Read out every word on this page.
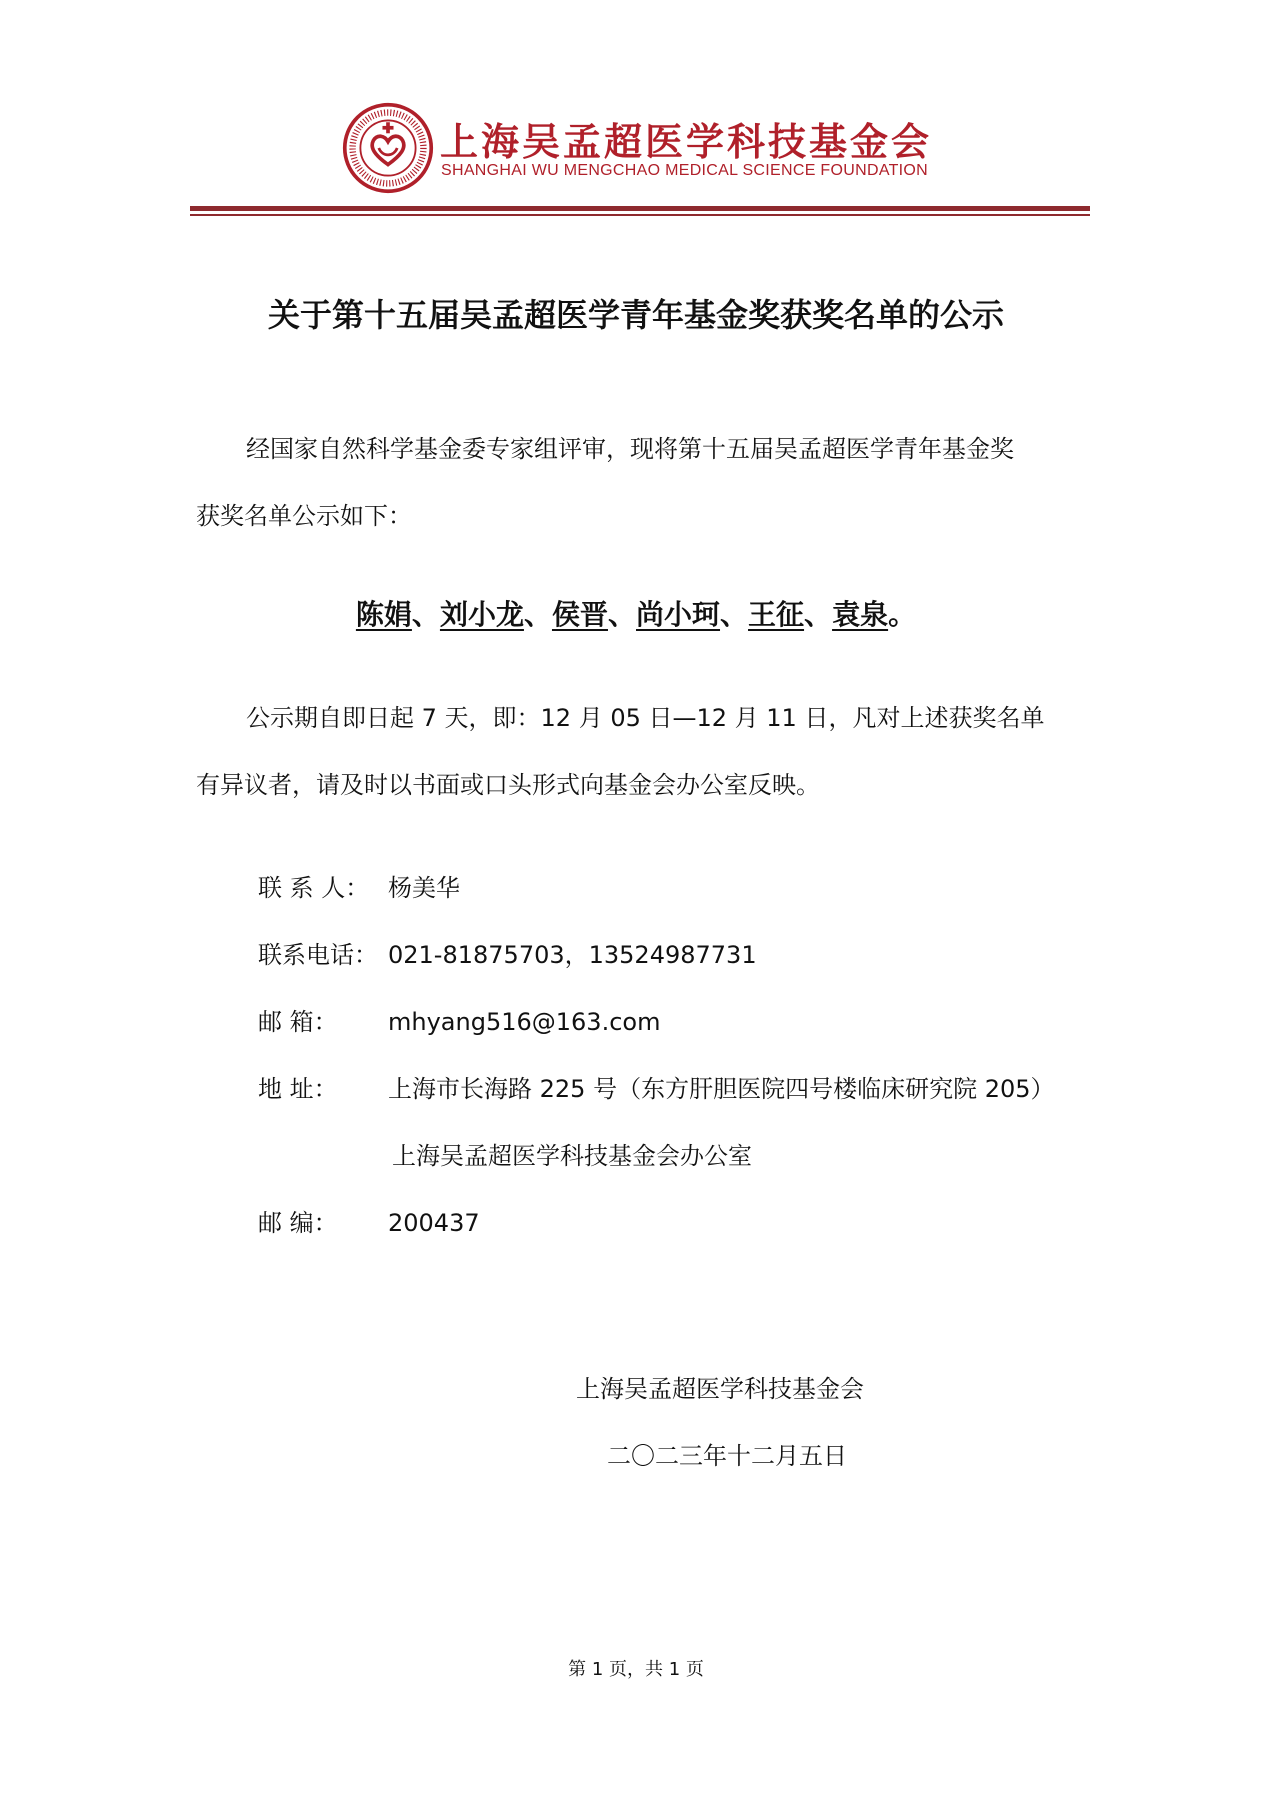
上海吴孟超医学科技基金会
SHANGHAI WU MENGCHAO MEDICAL SCIENCE FOUNDATION
关于第十五届吴孟超医学青年基金奖获奖名单的公示

经国家自然科学基金委专家组评审，现将第十五届吴孟超医学青年基金奖
获奖名单公示如下：

陈娟、刘小龙、侯晋、尚小珂、王征、袁泉。

公示期自即日起 7 天，即：12 月 05 日—12 月 11 日，凡对上述获奖名单
有异议者，请及时以书面或口头形式向基金会办公室反映。

联 系 人： 杨美华

联系电话： 021-81875703，13524987731

邮 箱： mhyang516@163.com

地 址： 上海市长海路 225 号（东方肝胆医院四号楼临床研究院 205）

上海吴孟超医学科技基金会办公室

邮 编： 200437

上海吴孟超医学科技基金会
二〇二三年十二月五日
第 1 页，共 1 页
